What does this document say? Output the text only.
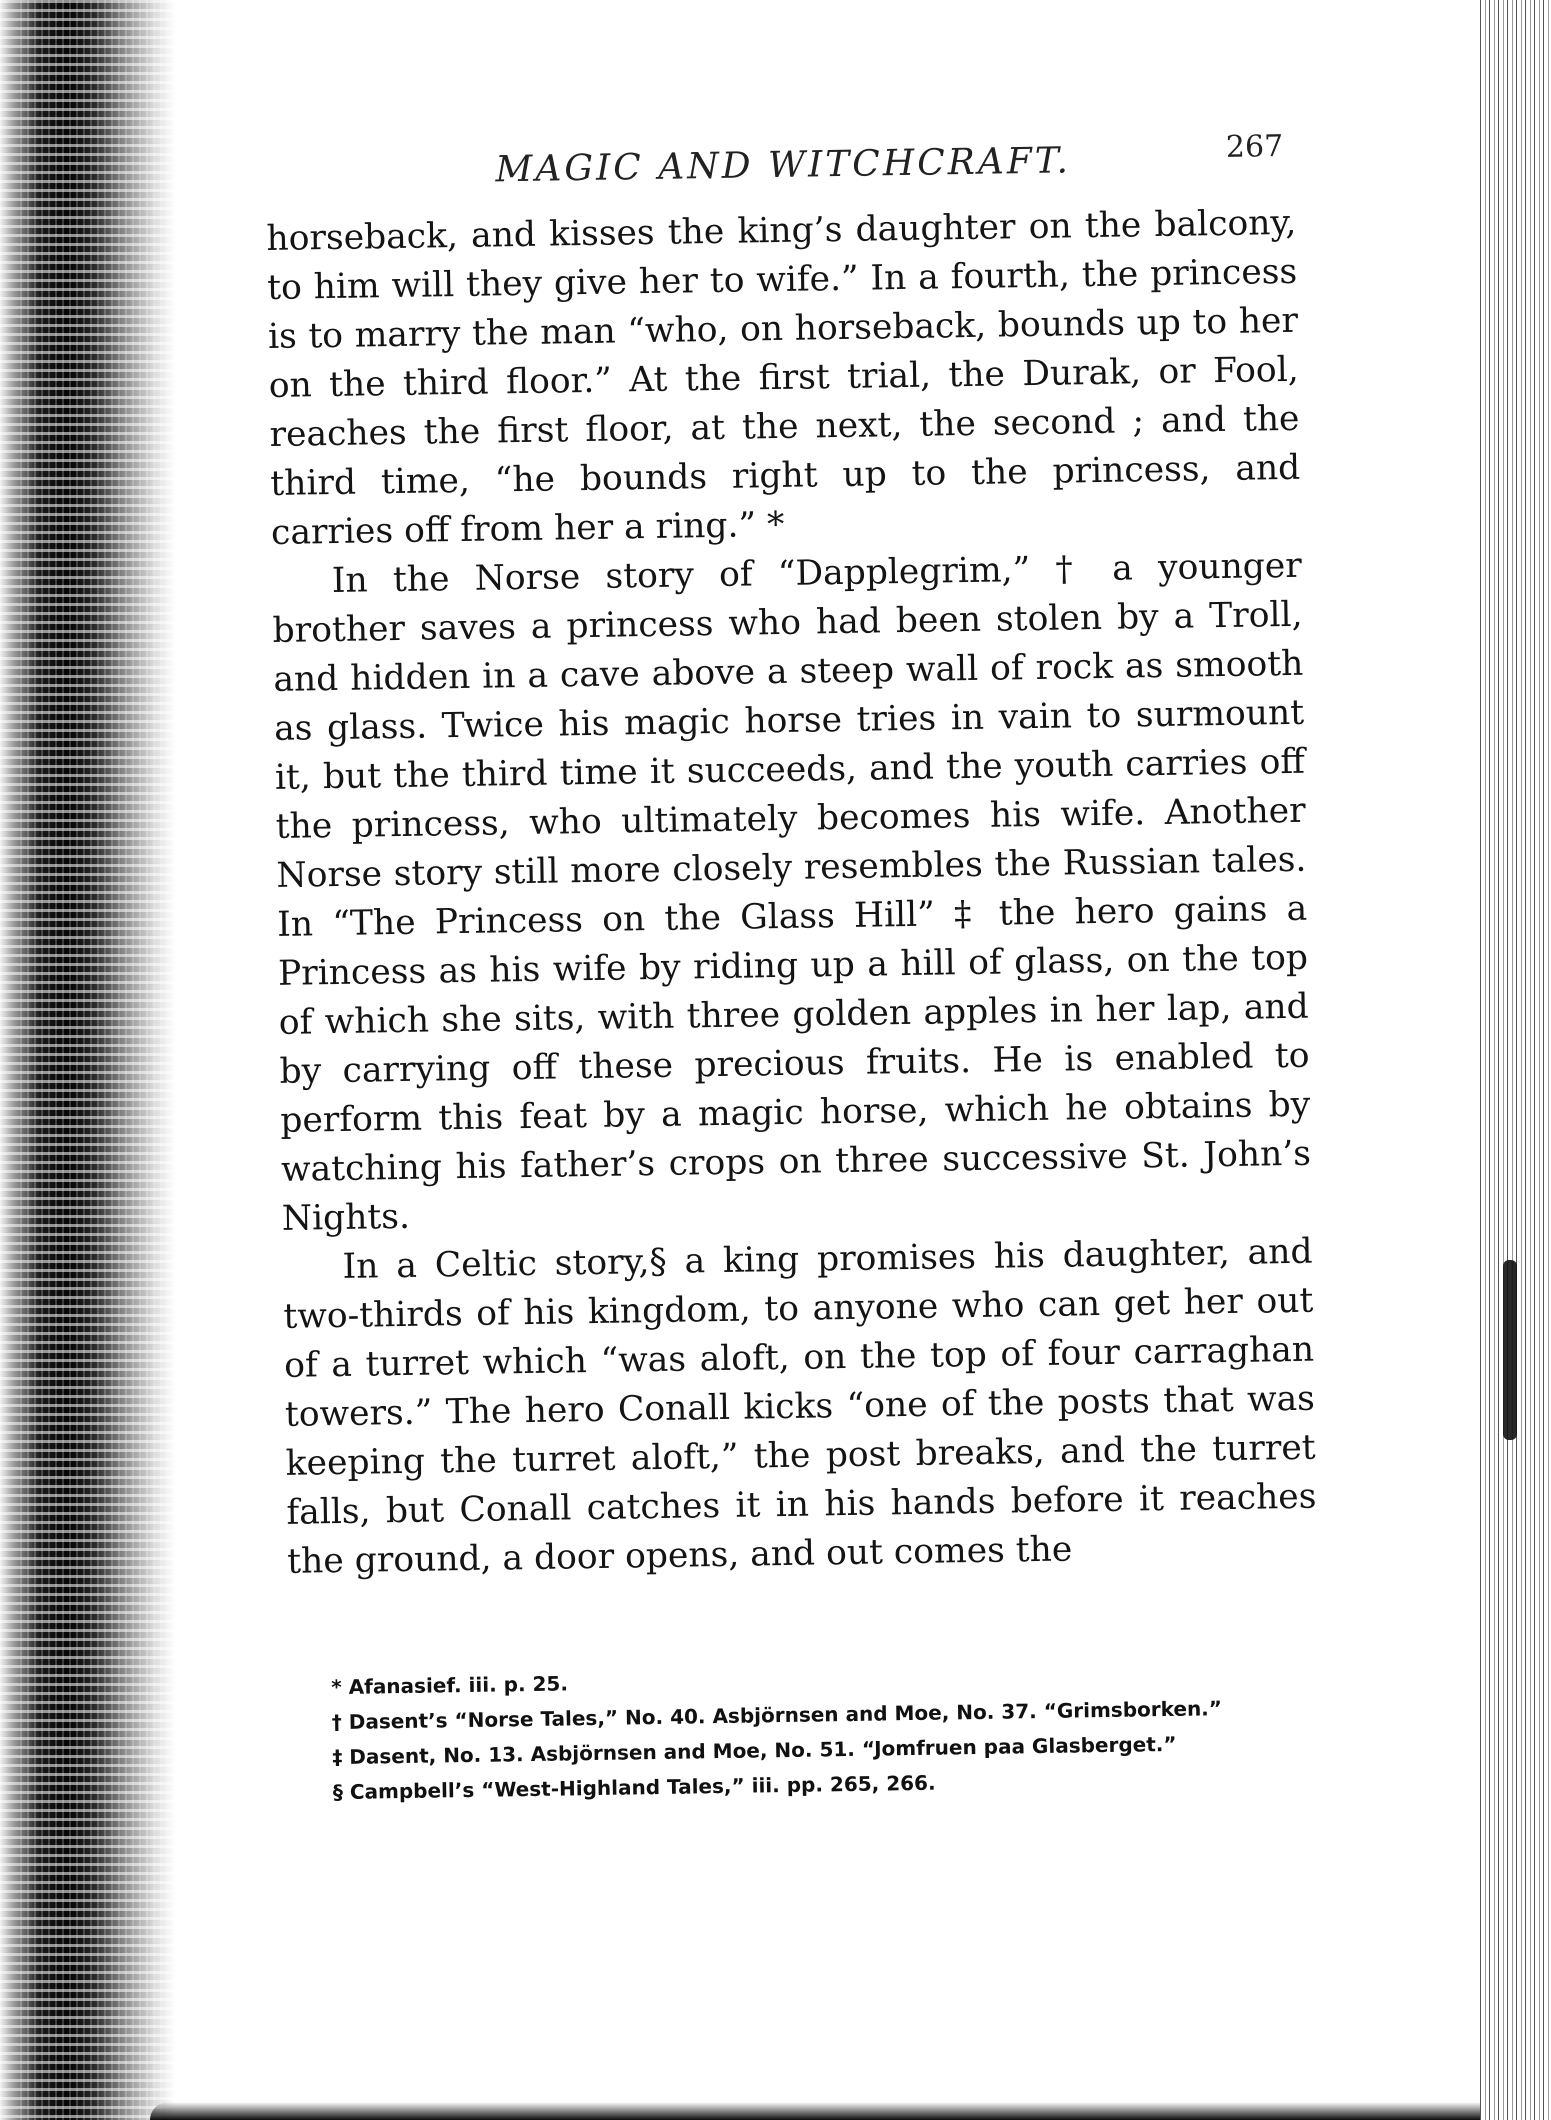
MAGIC AND WITCHCRAFT.	267

horseback, and kisses the king’s daughter on the balcony, to him will they give her to wife.” In a fourth, the princess is to marry the man “who, on horseback, bounds up to her on the third floor.” At the first trial, the Durak, or Fool, reaches the first floor, at the next, the second ; and the third time, “he bounds right up to the princess, and carries off from her a ring.” *

In the Norse story of “Dapplegrim,” † a younger brother saves a princess who had been stolen by a Troll, and hidden in a cave above a steep wall of rock as smooth as glass. Twice his magic horse tries in vain to surmount it, but the third time it succeeds, and the youth carries off the princess, who ultimately becomes his wife. Another Norse story still more closely resembles the Russian tales. In “The Princess on the Glass Hill” ‡ the hero gains a Princess as his wife by riding up a hill of glass, on the top of which she sits, with three golden apples in her lap, and by carrying off these precious fruits. He is enabled to perform this feat by a magic horse, which he obtains by watching his father’s crops on three successive St. John’s Nights.

In a Celtic story,§ a king promises his daughter, and two-thirds of his kingdom, to anyone who can get her out of a turret which “was aloft, on the top of four carraghan towers.” The hero Conall kicks “one of the posts that was keeping the turret aloft,” the post breaks, and the turret falls, but Conall catches it in his hands before it reaches the ground, a door opens, and out comes the

* Afanasief. iii. p. 25.

† Dasent’s “Norse Tales,” No. 40. Asbjörnsen and Moe, No. 37. “Grimsborken.”

‡ Dasent, No. 13. Asbjörnsen and Moe, No. 51. “Jomfruen paa Glasberget.”

§ Campbell’s “West-Highland Tales,” iii. pp. 265, 266.
